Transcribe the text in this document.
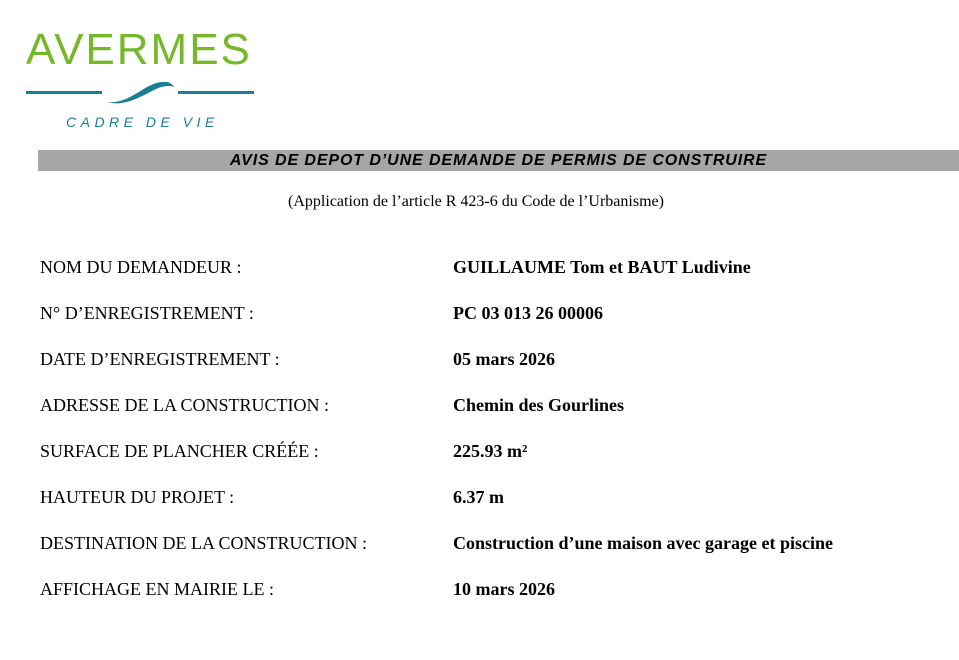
AVERMES
CADRE DE VIE
AVIS DE DEPOT D’UNE DEMANDE DE PERMIS DE CONSTRUIRE
(Application de l’article R 423-6 du Code de l’Urbanisme)
NOM DU DEMANDEUR :	GUILLAUME Tom et BAUT Ludivine
N° D’ENREGISTREMENT :	PC 03 013 26 00006
DATE D’ENREGISTREMENT :	05 mars 2026
ADRESSE DE LA CONSTRUCTION :	Chemin des Gourlines
SURFACE DE PLANCHER CRÉÉE :	225.93 m²
HAUTEUR DU PROJET :	6.37 m
DESTINATION DE LA CONSTRUCTION :	Construction d’une maison avec garage et piscine
AFFICHAGE EN MAIRIE LE :	10 mars 2026
